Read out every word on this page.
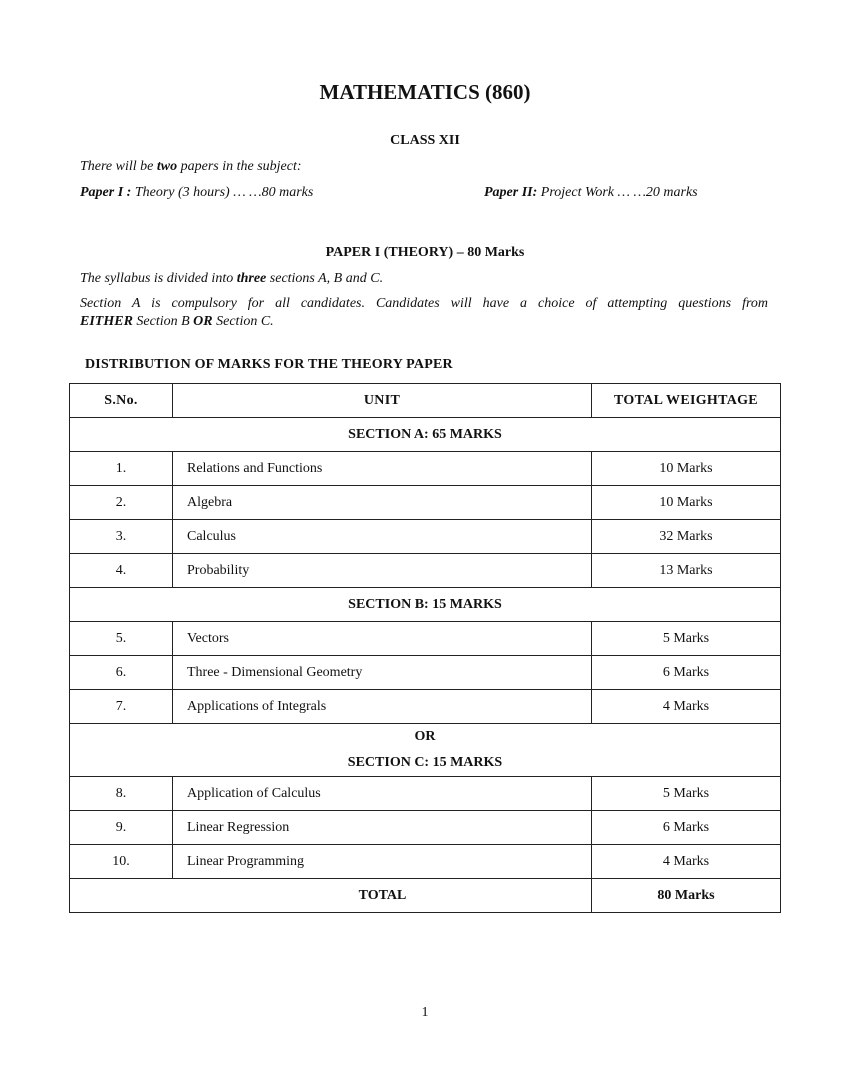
MATHEMATICS (860)
CLASS XII
There will be two papers in the subject:
Paper I : Theory (3 hours) … …80 marks	Paper II: Project Work … …20 marks
PAPER I (THEORY) – 80 Marks
The syllabus is divided into three sections A, B and C.
Section A is compulsory for all candidates. Candidates will have a choice of attempting questions from
EITHER Section B OR Section C.
DISTRIBUTION OF MARKS FOR THE THEORY PAPER
S.No.	UNIT	TOTAL WEIGHTAGE
SECTION A: 65 MARKS		
1.	Relations and Functions	10 Marks
2.	Algebra	10 Marks
3.	Calculus	32 Marks
4.	Probability	13 Marks
SECTION B: 15 MARKS		
5.	Vectors	5 Marks
6.	Three - Dimensional Geometry	6 Marks
7.	Applications of Integrals	4 Marks

OR
SECTION C: 15 MARKS		

8.	Application of Calculus	5 Marks
9.	Linear Regression	6 Marks
10.	Linear Programming	4 Marks
TOTAL		80 Marks
1
